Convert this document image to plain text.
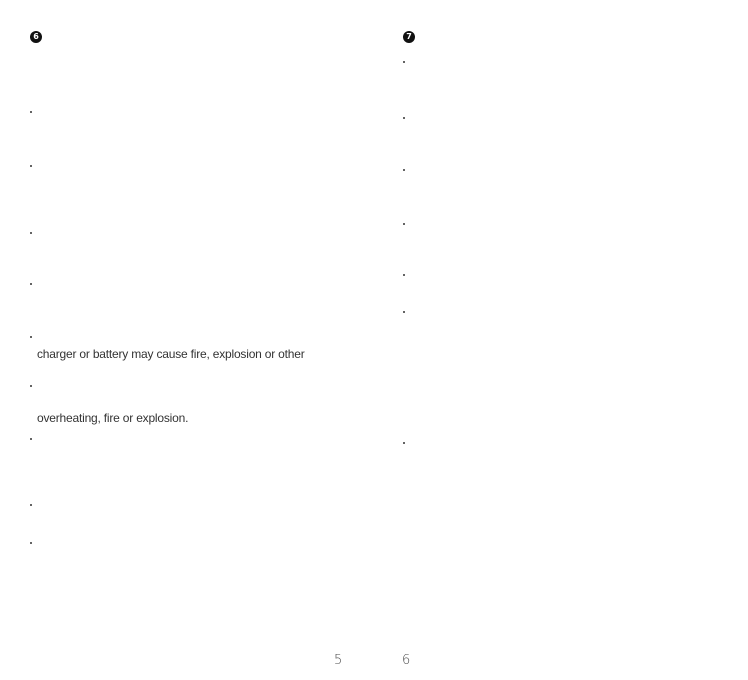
6
charger or battery may cause fire, explosion or other
overheating, fire or explosion.
5
7
6
